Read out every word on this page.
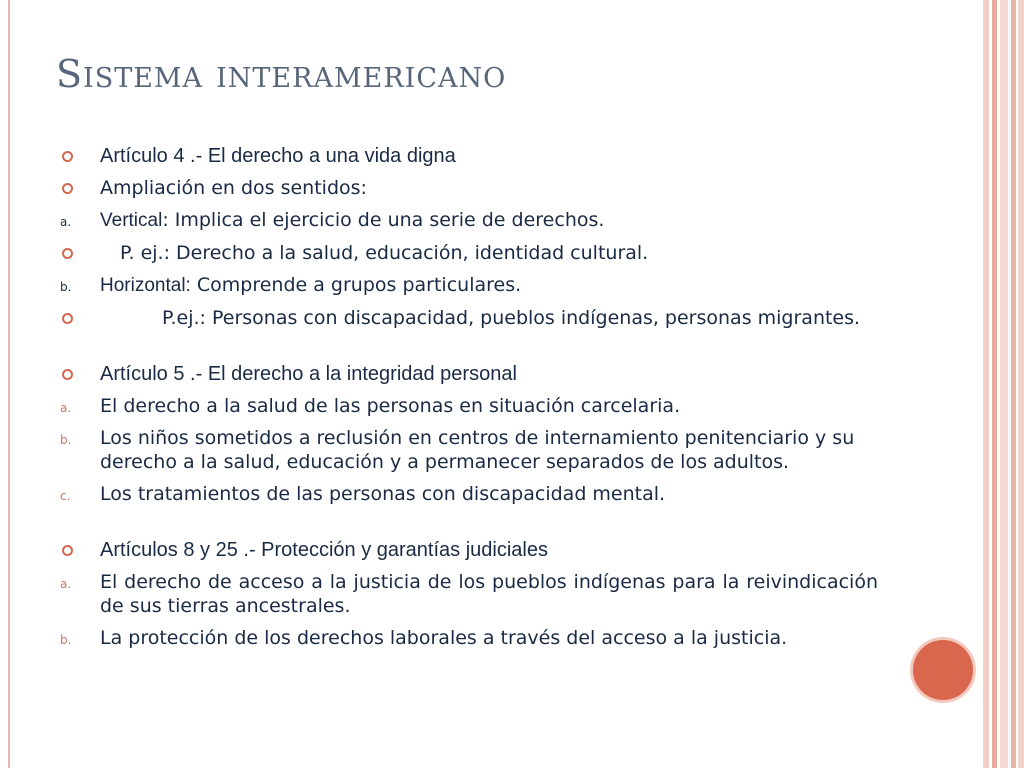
Sistema interamericano
Artículo 4 .- El derecho a una vida digna
Ampliación en dos sentidos:
a. Vertical: Implica el ejercicio de una serie de derechos.
P. ej.: Derecho a la salud, educación, identidad cultural.
b. Horizontal: Comprende a grupos particulares.
P.ej.: Personas con discapacidad, pueblos indígenas, personas migrantes.
Artículo 5 .- El derecho a la integridad personal
a. El derecho a la salud de las personas en situación carcelaria.
b. Los niños sometidos a reclusión en centros de internamiento penitenciario y su derecho a la salud, educación y a permanecer separados de los adultos.
c. Los tratamientos de las personas con discapacidad mental.
Artículos 8 y 25 .- Protección y garantías judiciales
a. El derecho de acceso a la justicia de los pueblos indígenas para la reivindicación de sus tierras ancestrales.
b. La protección de los derechos laborales a través del acceso a la justicia.
